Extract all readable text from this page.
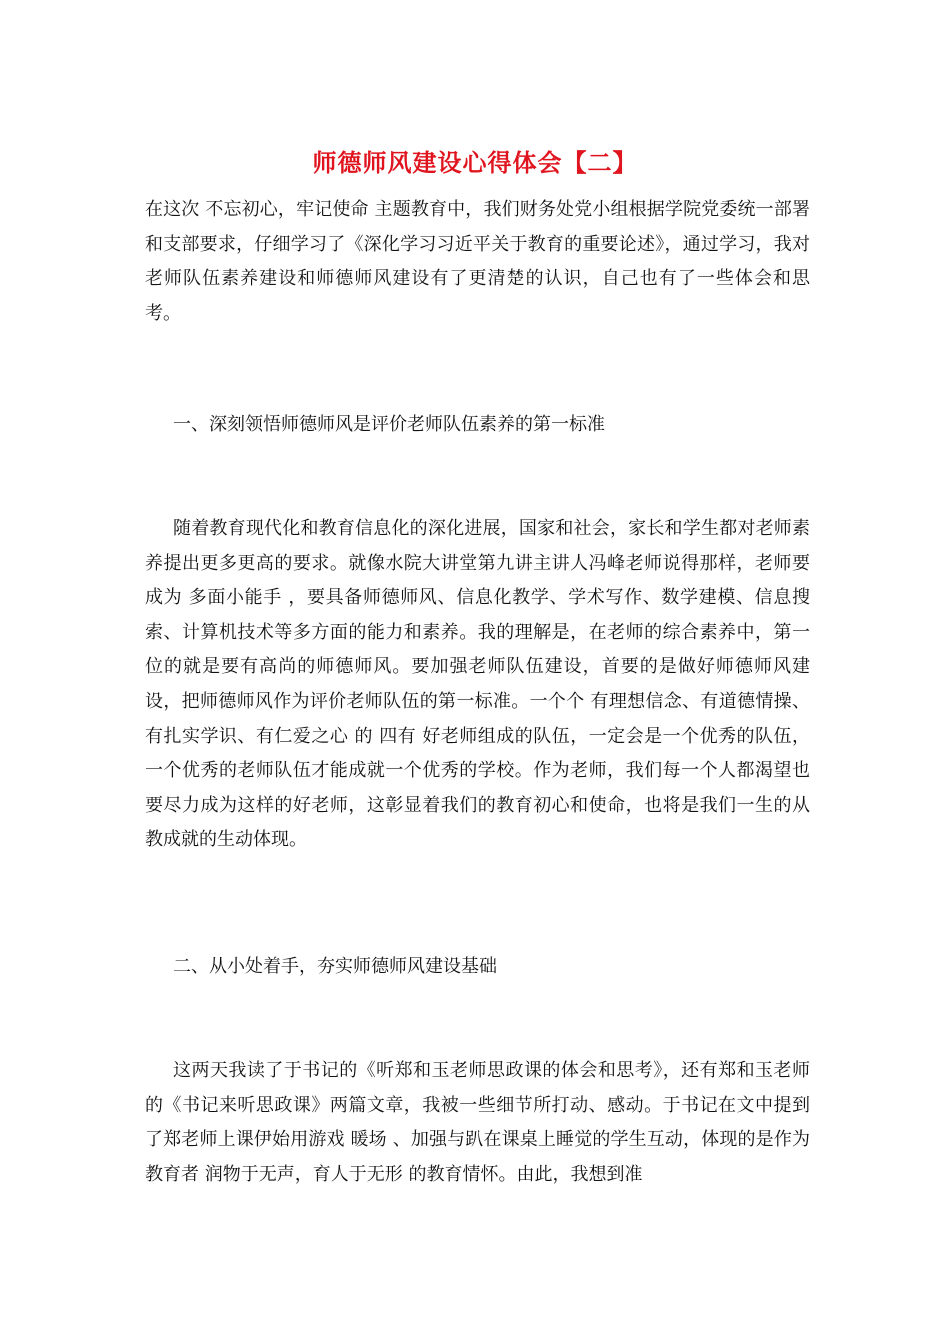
师德师风建设心得体会【二】

在这次 不忘初心，牢记使命 主题教育中，我们财务处党小组根据学院党委统一部署和支部要求，仔细学习了《深化学习习近平关于教育的重要论述》，通过学习，我对老师队伍素养建设和师德师风建设有了更清楚的认识，自己也有了一些体会和思考。

一、深刻领悟师德师风是评价老师队伍素养的第一标准

随着教育现代化和教育信息化的深化进展，国家和社会，家长和学生都对老师素养提出更多更高的要求。就像水院大讲堂第九讲主讲人冯峰老师说得那样，老师要成为 多面小能手 ，要具备师德师风、信息化教学、学术写作、数学建模、信息搜索、计算机技术等多方面的能力和素养。我的理解是，在老师的综合素养中，第一位的就是要有高尚的师德师风。要加强老师队伍建设，首要的是做好师德师风建设，把师德师风作为评价老师队伍的第一标准。一个个 有理想信念、有道德情操、有扎实学识、有仁爱之心 的 四有 好老师组成的队伍，一定会是一个优秀的队伍，一个优秀的老师队伍才能成就一个优秀的学校。作为老师，我们每一个人都渴望也要尽力成为这样的好老师，这彰显着我们的教育初心和使命，也将是我们一生的从教成就的生动体现。

二、从小处着手，夯实师德师风建设基础

这两天我读了于书记的《听郑和玉老师思政课的体会和思考》，还有郑和玉老师的《书记来听思政课》两篇文章，我被一些细节所打动、感动。于书记在文中提到了郑老师上课伊始用游戏 暖场 、加强与趴在课桌上睡觉的学生互动，体现的是作为教育者 润物于无声，育人于无形 的教育情怀。由此，我想到准
